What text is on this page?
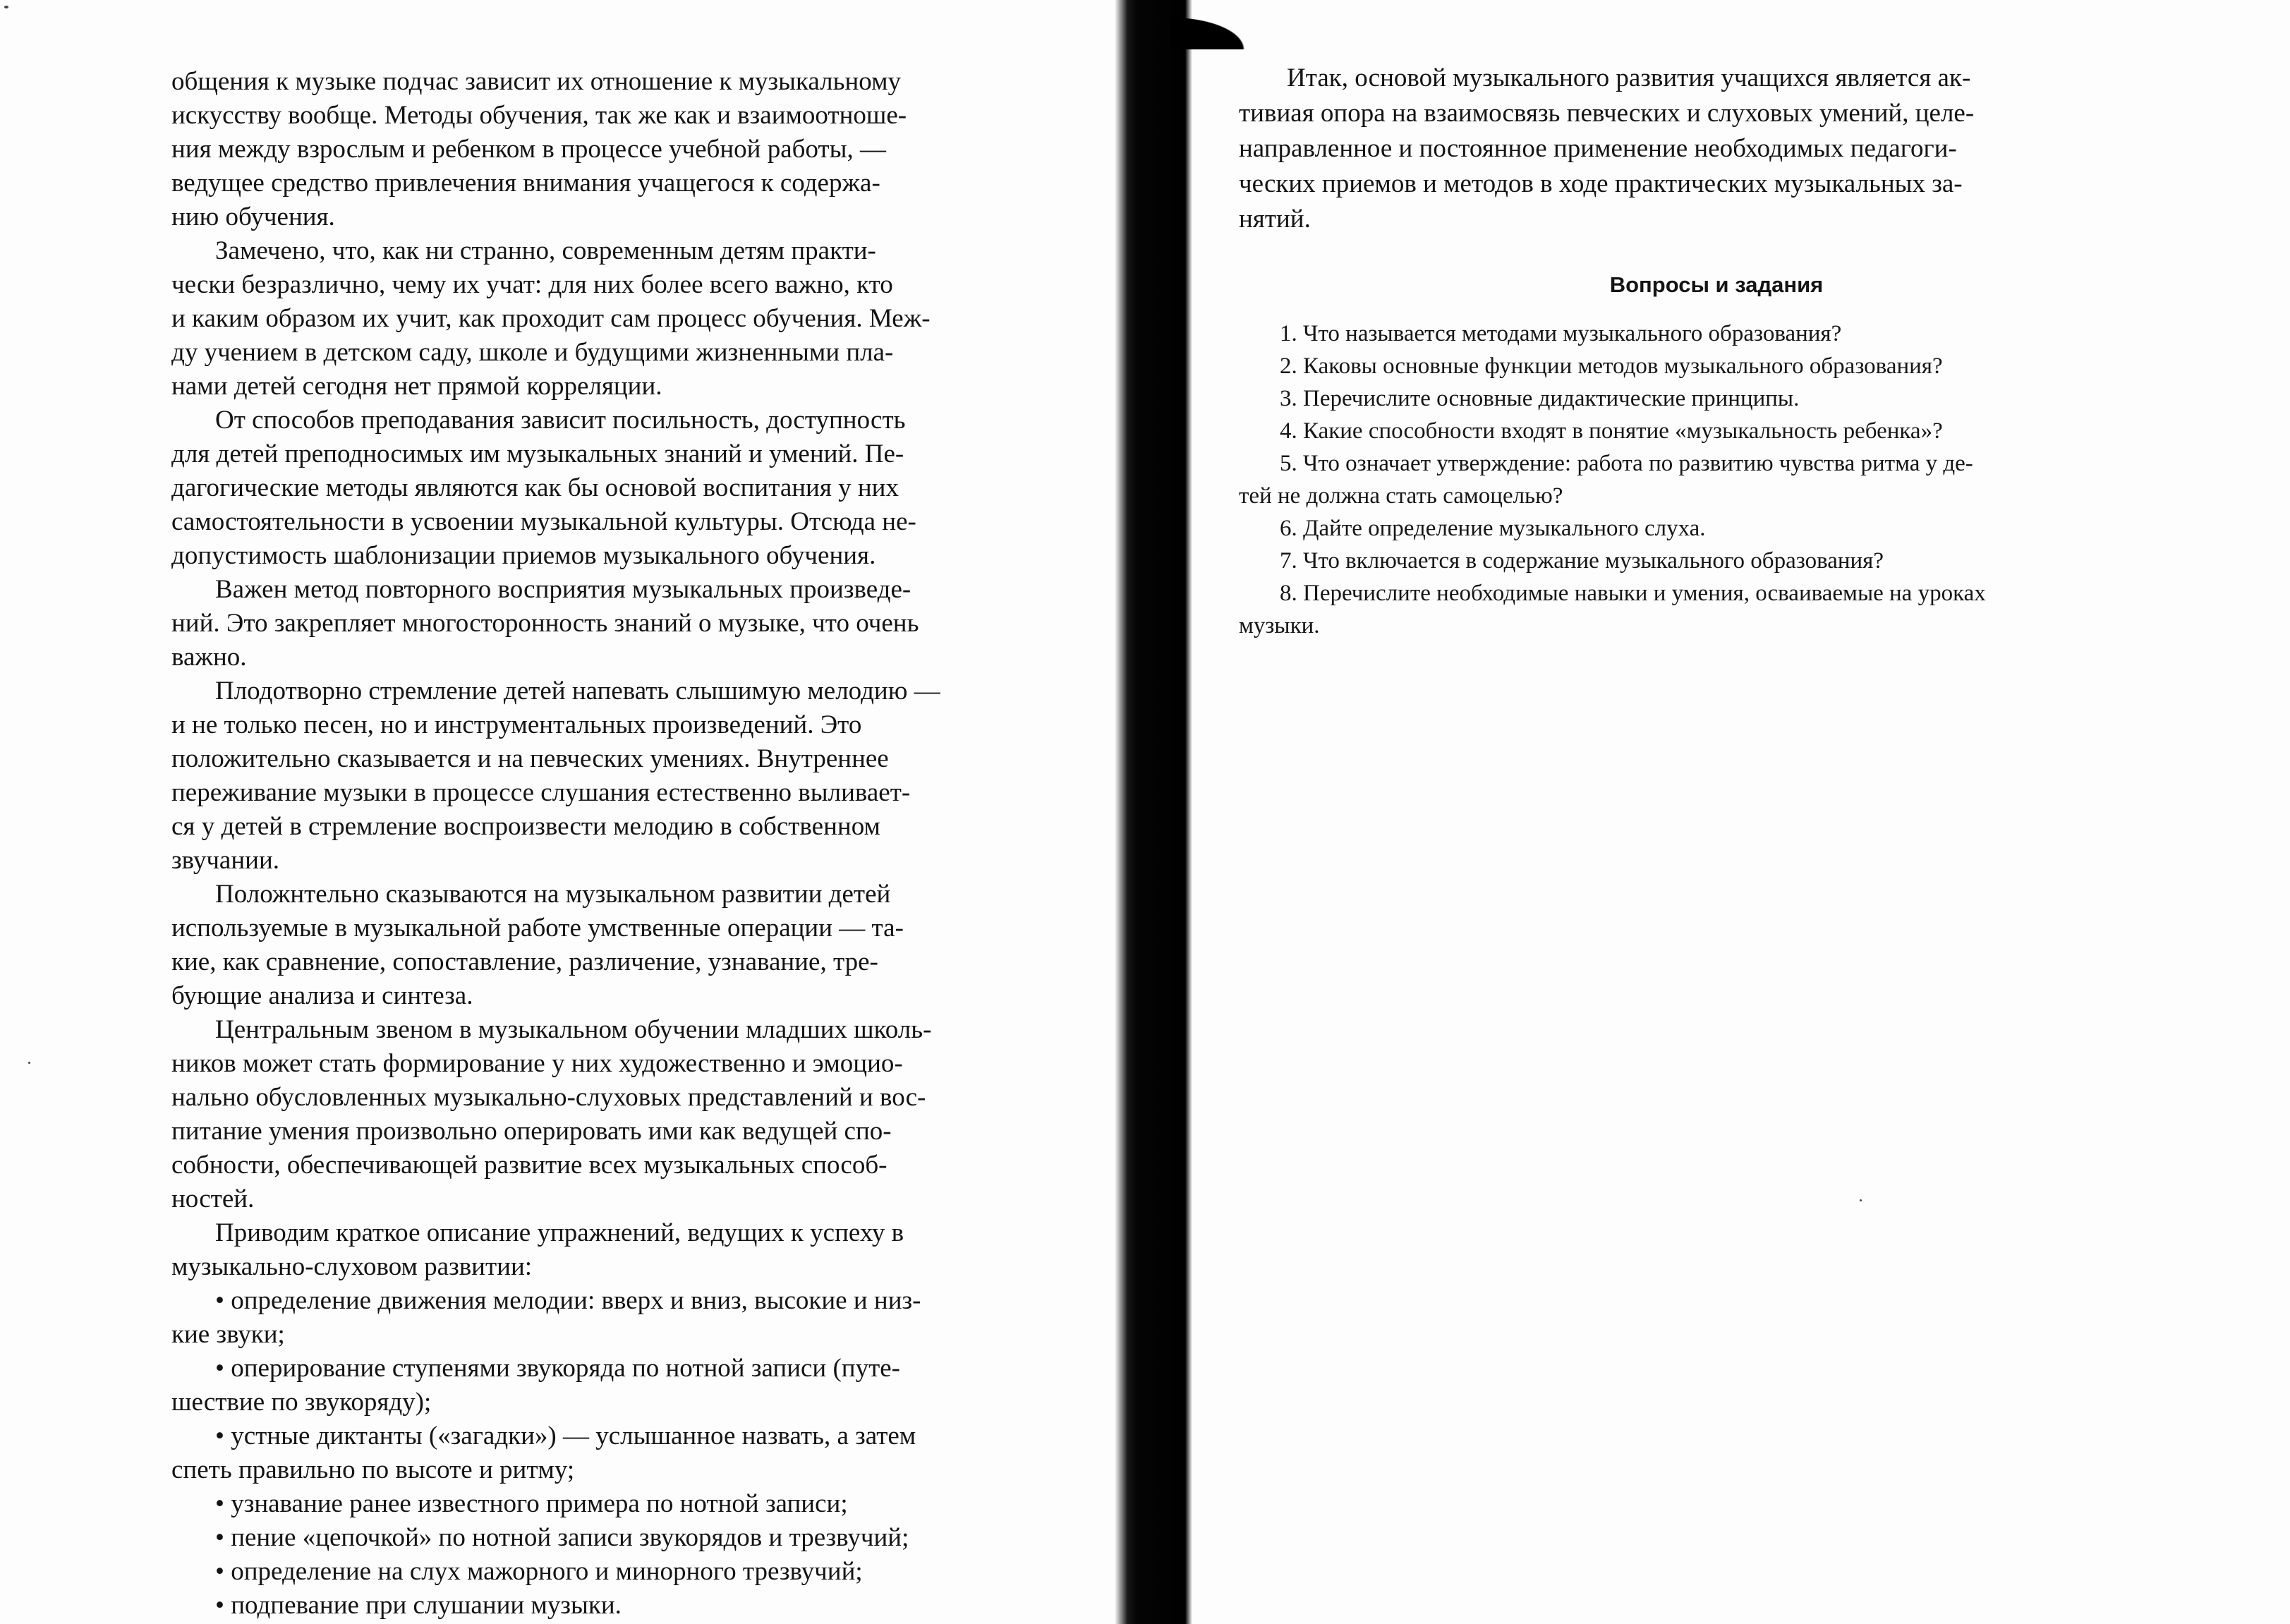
общения к музыке подчас зависит их отношение к музыкальному

искусству вообще. Методы обучения, так же как и взаимоотноше-

ния между взрослым и ребенком в процессе учебной работы, —

ведущее средство привлечения внимания учащегося к содержа-

нию обучения.

Замечено, что, как ни странно, современным детям практи-

чески безразлично, чему их учат: для них более всего важно, кто

и каким образом их учит, как проходит сам процесс обучения. Меж-

ду учением в детском саду, школе и будущими жизненными пла-

нами детей сегодня нет прямой корреляции.

От способов преподавания зависит посильность, доступность

для детей преподносимых им музыкальных знаний и умений. Пе-

дагогические методы являются как бы основой воспитания у них

самостоятельности в усвоении музыкальной культуры. Отсюда не-

допустимость шаблонизации приемов музыкального обучения.

Важен метод повторного восприятия музыкальных произведе-

ний. Это закрепляет многосторонность знаний о музыке, что очень

важно.

Плодотворно стремление детей напевать слышимую мелодию —

и не только песен, но и инструментальных произведений. Это

положительно сказывается и на певческих умениях. Внутреннее

переживание музыки в процессе слушания естественно выливает-

ся у детей в стремление воспроизвести мелодию в собственном

звучании.

Положнтельно сказываются на музыкальном развитии детей

используемые в музыкальной работе умственные операции — та-

кие, как сравнение, сопоставление, различение, узнавание, тре-

бующие анализа и синтеза.

Центральным звеном в музыкальном обучении младших школь-

ников может стать формирование у них художественно и эмоцио-

нально обусловленных музыкально-слуховых представлений и вос-

питание умения произвольно оперировать ими как ведущей спо-

собности, обеспечивающей развитие всех музыкальных способ-

ностей.

Приводим краткое описание упражнений, ведущих к успеху в

музыкально-слуховом развитии:

• определение движения мелодии: вверх и вниз, высокие и низ-

кие звуки;

• оперирование ступенями звукоряда по нотной записи (путе-

шествие по звукоряду);

• устные диктанты («загадки») — услышанное назвать, а затем

спеть правильно по высоте и ритму;

• узнавание ранее известного примера по нотной записи;

• пение «цепочкой» по нотной записи звукорядов и трезвучий;

• определение на слух мажорного и минорного трезвучий;

• подпевание при слушании музыки.

Итак, основой музыкального развития учащихся является ак-
тивиая опора на взаимосвязь певческих и слуховых умений, целе-
направленное и постоянное применение необходимых педагоги-
ческих приемов и методов в ходе практических музыкальных за-
нятий.
Вопросы и задания
1. Что называется методами музыкального образования?
2. Каковы основные функции методов музыкального образования?
3. Перечислите основные дидактические принципы.
4. Какие способности входят в понятие «музыкальность ребенка»?
5. Что означает утверждение: работа по развитию чувства ритма у де-
тей не должна стать самоцелью?
6. Дайте определение музыкального слуха.
7. Что включается в содержание музыкального образования?
8. Перечислите необходимые навыки и умения, осваиваемые на уроках
музыки.
